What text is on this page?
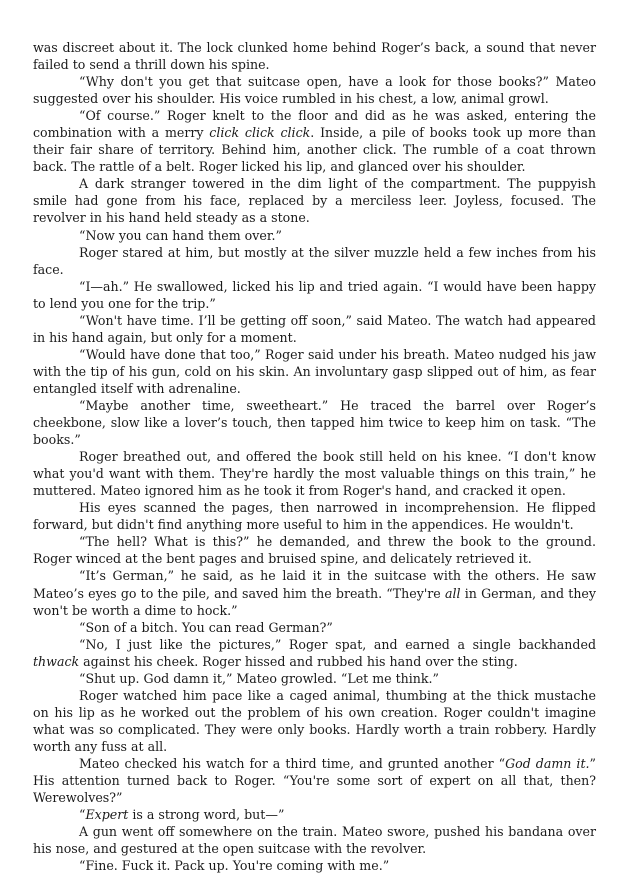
was discreet about it. The lock clunked home behind Roger’s back, a sound that never failed to send a thrill down his spine.

“Why don't you get that suitcase open, have a look for those books?” Mateo suggested over his shoulder. His voice rumbled in his chest, a low, animal growl.

“Of course.” Roger knelt to the floor and did as he was asked, entering the combination with a merry click click click. Inside, a pile of books took up more than their fair share of territory. Behind him, another click. The rumble of a coat thrown back. The rattle of a belt. Roger licked his lip, and glanced over his shoulder.

A dark stranger towered in the dim light of the compartment. The puppyish smile had gone from his face, replaced by a merciless leer. Joyless, focused. The revolver in his hand held steady as a stone.

“Now you can hand them over.”

Roger stared at him, but mostly at the silver muzzle held a few inches from his face.

“I—ah.” He swallowed, licked his lip and tried again. “I would have been happy to lend you one for the trip.”

“Won't have time. I’ll be getting off soon,” said Mateo. The watch had appeared in his hand again, but only for a moment.

“Would have done that too,” Roger said under his breath. Mateo nudged his jaw with the tip of his gun, cold on his skin. An involuntary gasp slipped out of him, as fear entangled itself with adrenaline.

“Maybe another time, sweetheart.” He traced the barrel over Roger’s cheekbone, slow like a lover’s touch, then tapped him twice to keep him on task. “The books.”

Roger breathed out, and offered the book still held on his knee. “I don't know what you'd want with them. They're hardly the most valuable things on this train,” he muttered. Mateo ignored him as he took it from Roger's hand, and cracked it open.

His eyes scanned the pages, then narrowed in incomprehension. He flipped forward, but didn't find anything more useful to him in the appendices. He wouldn't.

“The hell? What is this?” he demanded, and threw the book to the ground. Roger winced at the bent pages and bruised spine, and delicately retrieved it.

“It’s German,” he said, as he laid it in the suitcase with the others. He saw Mateo’s eyes go to the pile, and saved him the breath. “They're all in German, and they won't be worth a dime to hock.”

“Son of a bitch. You can read German?”

“No, I just like the pictures,” Roger spat, and earned a single backhanded thwack against his cheek. Roger hissed and rubbed his hand over the sting.

“Shut up. God damn it,” Mateo growled. “Let me think.”

Roger watched him pace like a caged animal, thumbing at the thick mustache on his lip as he worked out the problem of his own creation. Roger couldn't imagine what was so complicated. They were only books. Hardly worth a train robbery. Hardly worth any fuss at all.

Mateo checked his watch for a third time, and grunted another “God damn it.” His attention turned back to Roger. “You're some sort of expert on all that, then? Werewolves?”

“Expert is a strong word, but—”

A gun went off somewhere on the train. Mateo swore, pushed his bandana over his nose, and gestured at the open suitcase with the revolver.

“Fine. Fuck it. Pack up. You're coming with me.”
